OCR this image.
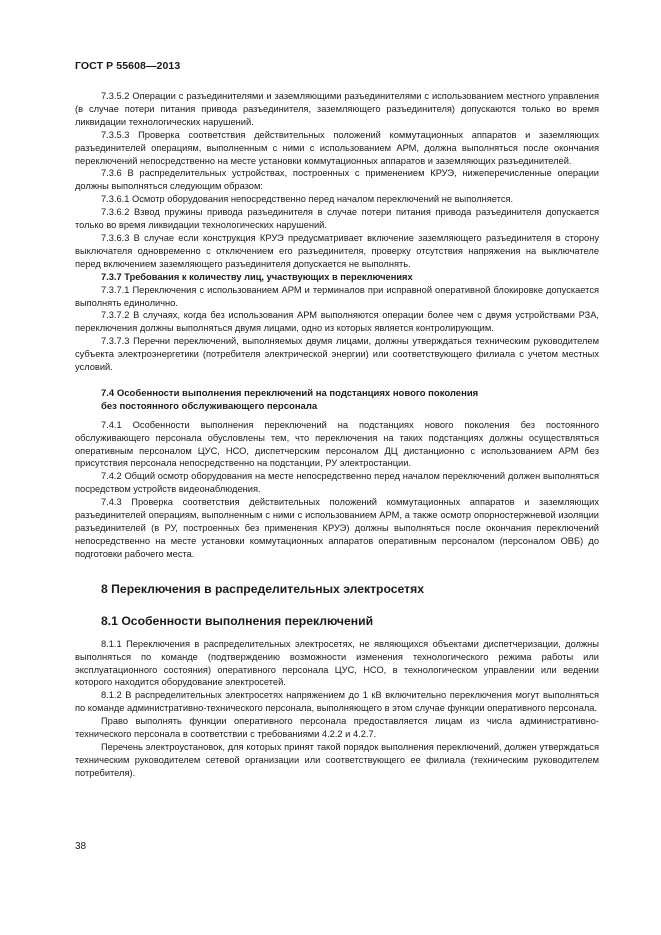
ГОСТ Р 55608—2013

7.3.5.2 Операции с разъединителями и заземляющими разъединителями с использованием местного управления (в случае потери питания привода разъединителя, заземляющего разъединителя) допускаются только во время ликвидации технологических нарушений.

7.3.5.3 Проверка соответствия действительных положений коммутационных аппаратов и заземляющих разъединителей операциям, выполненным с ними с использованием АРМ, должна выполняться после окончания переключений непосредственно на месте установки коммутационных аппаратов и заземляющих разъединителей.

7.3.6 В распределительных устройствах, построенных с применением КРУЭ, нижеперечисленные операции должны выполняться следующим образом:

7.3.6.1 Осмотр оборудования непосредственно перед началом переключений не выполняется.

7.3.6.2 Взвод пружины привода разъединителя в случае потери питания привода разъединителя допускается только во время ликвидации технологических нарушений.

7.3.6.3 В случае если конструкция КРУЭ предусматривает включение заземляющего разъединителя в сторону выключателя одновременно с отключением его разъединителя, проверку отсутствия напряжения на выключателе перед включением заземляющего разъединителя допускается не выполнять.

7.3.7 Требования к количеству лиц, участвующих в переключениях

7.3.7.1 Переключения с использованием АРМ и терминалов при исправной оперативной блокировке допускается выполнять единолично.

7.3.7.2 В случаях, когда без использования АРМ выполняются операции более чем с двумя устройствами РЗА, переключения должны выполняться двумя лицами, одно из которых является контролирующим.

7.3.7.3 Перечни переключений, выполняемых двумя лицами, должны утверждаться техническим руководителем субъекта электроэнергетики (потребителя электрической энергии) или соответствующего филиала с учетом местных условий.

7.4 Особенности выполнения переключений на подстанциях нового поколения
без постоянного обслуживающего персонала

7.4.1 Особенности выполнения переключений на подстанциях нового поколения без постоянного обслуживающего персонала обусловлены тем, что переключения на таких подстанциях должны осуществляться оперативным персоналом ЦУС, НСО, диспетчерским персоналом ДЦ дистанционно с использованием АРМ без присутствия персонала непосредственно на подстанции, РУ электростанции.

7.4.2 Общий осмотр оборудования на месте непосредственно перед началом переключений должен выполняться посредством устройств видеонаблюдения.

7.4.3 Проверка соответствия действительных положений коммутационных аппаратов и заземляющих разъединителей операциям, выполненным с ними с использованием АРМ, а также осмотр опорностержневой изоляции разъединителей (в РУ, построенных без применения КРУЭ) должны выполняться после окончания переключений непосредственно на месте установки коммутационных аппаратов оперативным персоналом (персоналом ОВБ) до подготовки рабочего места.

8 Переключения в распределительных электросетях
8.1 Особенности выполнения переключений

8.1.1 Переключения в распределительных электросетях, не являющихся объектами диспетчеризации, должны выполняться по команде (подтверждению возможности изменения технологического режима работы или эксплуатационного состояния) оперативного персонала ЦУС, НСО, в технологическом управлении или ведении которого находится оборудование электросетей.

8.1.2 В распределительных электросетях напряжением до 1 кВ включительно переключения могут выполняться по команде административно-технического персонала, выполняющего в этом случае функции оперативного персонала.

Право выполнять функции оперативного персонала предоставляется лицам из числа административно-технического персонала в соответствии с требованиями 4.2.2 и 4.2.7.

Перечень электроустановок, для которых принят такой порядок выполнения переключений, должен утверждаться техническим руководителем сетевой организации или соответствующего ее филиала (техническим руководителем потребителя).

38
